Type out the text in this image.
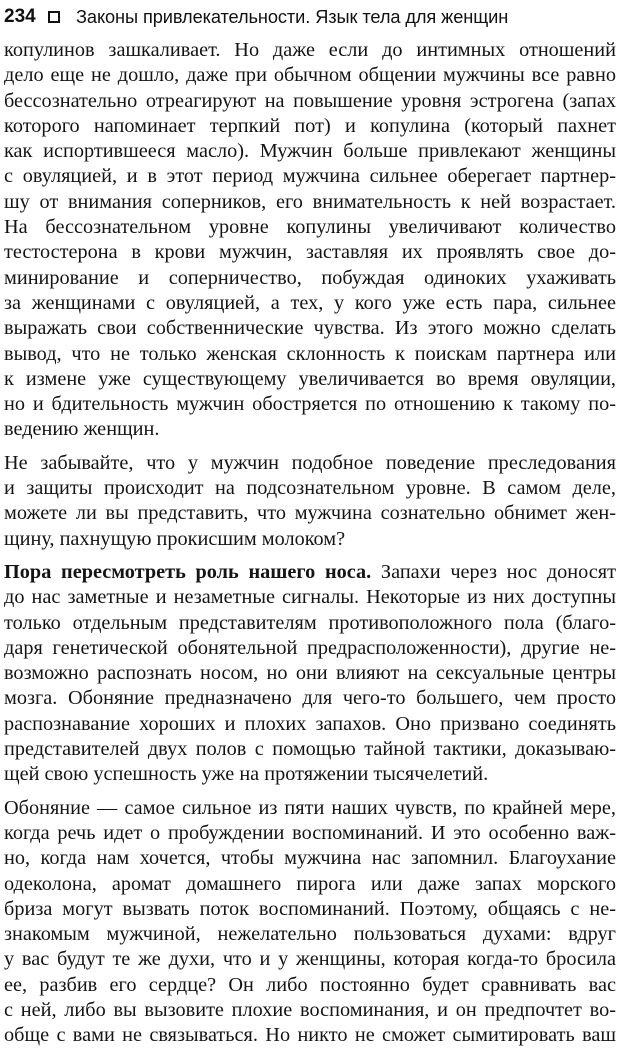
234 Законы привлекательности. Язык тела для женщин
копулинов зашкаливает. Но даже если до интимных отношений
дело еще не дошло, даже при обычном общении мужчины все равно
бессознательно отреагируют на повышение уровня эстрогена (запах
которого напоминает терпкий пот) и копулина (который пахнет
как испортившееся масло). Мужчин больше привлекают женщины
с овуляцией, и в этот период мужчина сильнее оберегает партнер-
шу от внимания соперников, его внимательность к ней возрастает.
На бессознательном уровне копулины увеличивают количество
тестостерона в крови мужчин, заставляя их проявлять свое до-
минирование и соперничество, побуждая одиноких ухаживать
за женщинами с овуляцией, а тех, у кого уже есть пара, сильнее
выражать свои собственнические чувства. Из этого можно сделать
вывод, что не только женская склонность к поискам партнера или
к измене уже существующему увеличивается во время овуляции,
но и бдительность мужчин обостряется по отношению к такому по-
ведению женщин.
Не забывайте, что у мужчин подобное поведение преследования
и защиты происходит на подсознательном уровне. В самом деле,
можете ли вы представить, что мужчина сознательно обнимет жен-
щину, пахнущую прокисшим молоком?
Пора пересмотреть роль нашего носа. Запахи через нос доносят
до нас заметные и незаметные сигналы. Некоторые из них доступны
только отдельным представителям противоположного пола (благо-
даря генетической обонятельной предрасположенности), другие не-
возможно распознать носом, но они влияют на сексуальные центры
мозга. Обоняние предназначено для чего-то большего, чем просто
распознавание хороших и плохих запахов. Оно призвано соединять
представителей двух полов с помощью тайной тактики, доказываю-
щей свою успешность уже на протяжении тысячелетий.
Обоняние — самое сильное из пяти наших чувств, по крайней мере,
когда речь идет о пробуждении воспоминаний. И это особенно важ-
но, когда нам хочется, чтобы мужчина нас запомнил. Благоухание
одеколона, аромат домашнего пирога или даже запах морского
бриза могут вызвать поток воспоминаний. Поэтому, общаясь с не-
знакомым мужчиной, нежелательно пользоваться духами: вдруг
у вас будут те же духи, что и у женщины, которая когда-то бросила
ее, разбив его сердце? Он либо постоянно будет сравнивать вас
с ней, либо вы вызовите плохие воспоминания, и он предпочтет во-
обще с вами не связываться. Но никто не сможет сымитировать ваш
